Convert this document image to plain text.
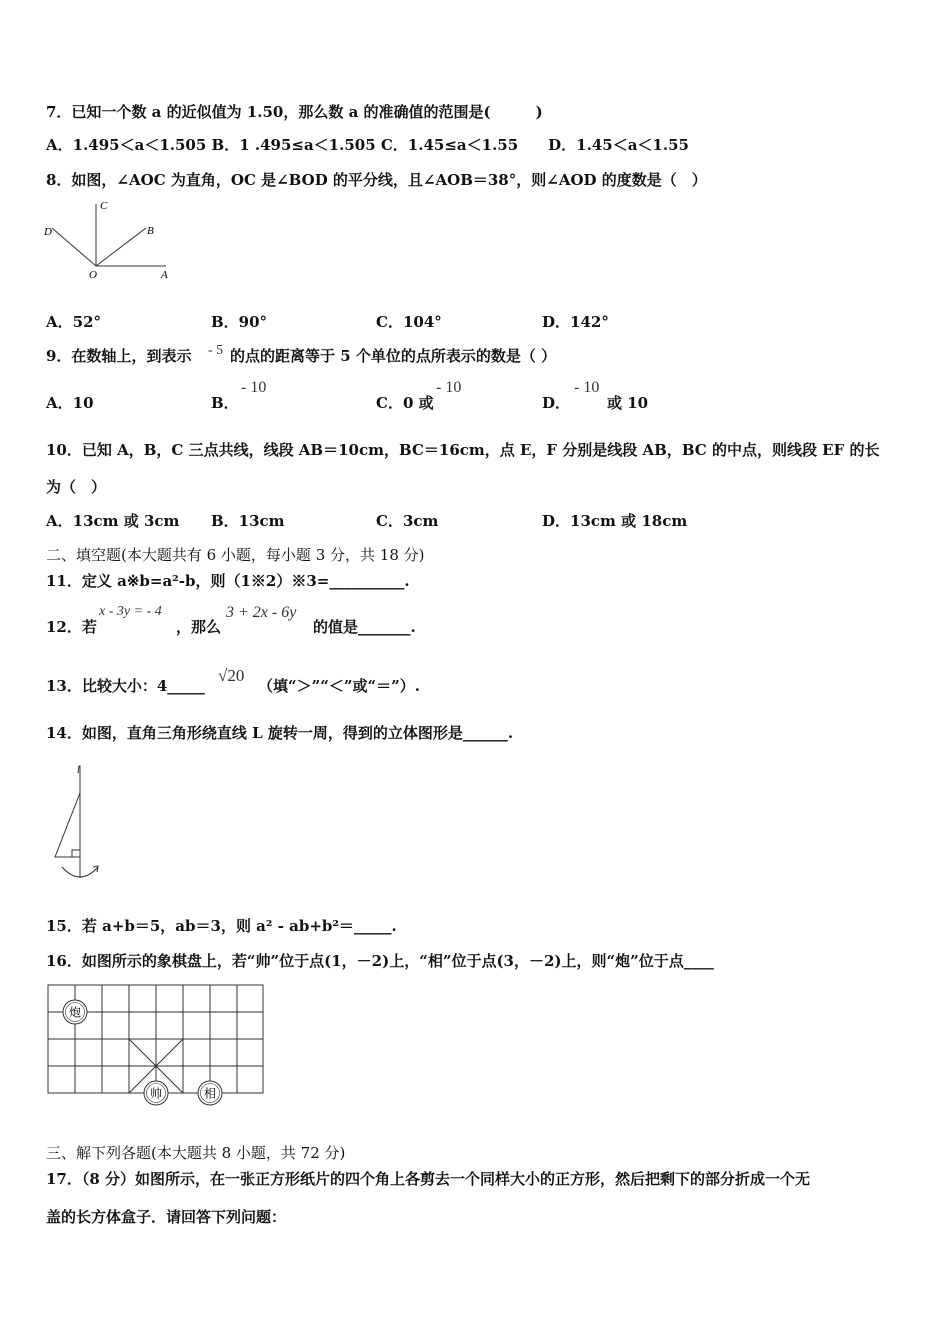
7．已知一个数 a 的近似值为 1.50，那么数 a 的准确值的范围是(　　　)
A．1.495＜a＜1.505 B．1 .495≤a＜1.505 C．1.45≤a＜1.55　　D．1.45＜a＜1.55
8．如图，∠AOC 为直角，OC 是∠BOD 的平分线，且∠AOB＝38°，则∠AOD 的度数是（　）
C
D	B
O	A
A．52°	B．90°	C．104°	D．142°
9．在数轴上，到表示 - 5 的点的距离等于 5 个单位的点所表示的数是（ ）
A．10	B．
- 10
C．0 或
- 10
D．
- 10
或 10
10．已知 A，B，C 三点共线，线段 AB＝10cm，BC＝16cm，点 E，F 分别是线段 AB，BC 的中点，则线段 EF 的长
为（　）
A．13cm 或 3cm B．13cm	C．3cm	D．13cm 或 18cm
二、填空题(本大题共有 6 小题，每小题 3 分，共 18 分)
11．定义 a※b=a²-b，则（1※2）※3=__________.
12．若
x - 3y = - 4
，那么
3 + 2x - 6y
的值是_______.
13．比较大小：4_____
√20
（填“＞”“＜”或“＝”）.
14．如图，直角三角形绕直线 L 旋转一周，得到的立体图形是______.
l
15．若 a+b＝5，ab＝3，则 a² - ab+b²＝_____.
16．如图所示的象棋盘上，若“帅”位于点(1，－2)上，“相”位于点(3，－2)上，则“炮”位于点____
炮
帅	相
三、解下列各题(本大题共 8 小题，共 72 分)
17．（8 分）如图所示，在一张正方形纸片的四个角上各剪去一个同样大小的正方形，然后把剩下的部分折成一个无
盖的长方体盒子．请回答下列问题：
